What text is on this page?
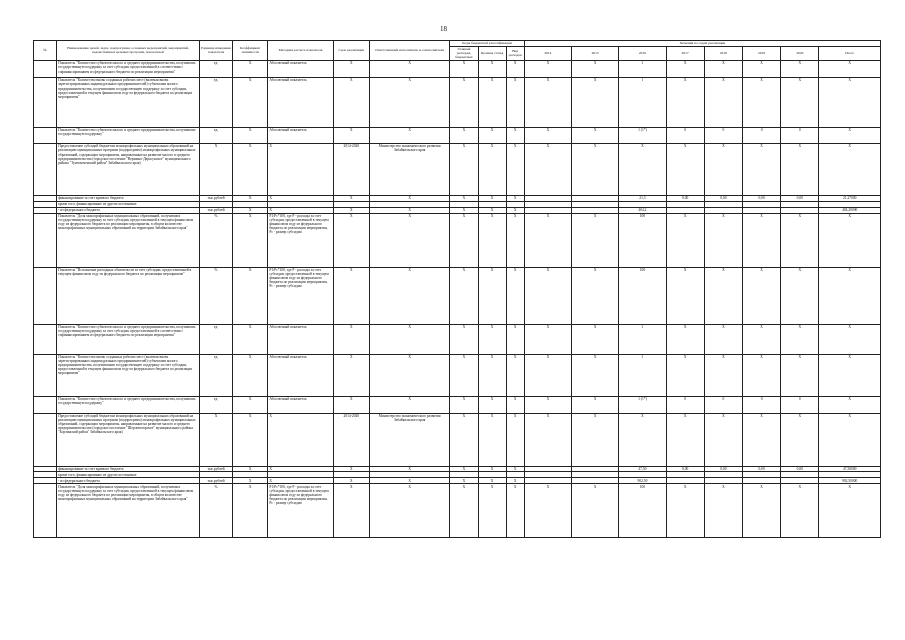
18
№	Наименование целей, задач, подпрограмм, основных мероприятий, мероприятий, ведомственных целевых программ, показателей	Единица измерения показателя	Коэффициент значимости	Методика расчета показателя	Срок реализации	Ответственный исполнитель и соисполнители	Коды бюджетной классификации			Значения по годам реализации							
							Главный распоряд. бюджетных	Целевая статья	Вид расходов	2014	2015	2016	2017	2018	2019	2020	Итого
	Показатель "Количество субъектов малого и среднего предпринимательства, получивших государственную поддержку за счет субсидии, предоставленной в соответствии с софинансированием из федерального бюджета по реализации мероприятия"	ед.	X	Абсолютный показатель	X	X	X	X	X	X	X	1	X	X	X	X	X
	Показатель "Количество вновь созданных рабочих мест (включая вновь зарегистрированных индивидуальных предпринимателей) субъектами малого предпринимательства, получившими государственную поддержку за счет субсидии, предоставленной в текущем финансовом году из федерального бюджета по реализации мероприятия"	ед.	X	Абсолютный показатель	X	X	X	X	X	X	X	1	X	X	X	X	X
	Показатель "Количество субъектов малого и среднего предпринимательства, получивших государственную поддержку"	ед.	X	Абсолютный показатель	X	X	X	X	X	X	X	1 (1*)	0	0	0	0	X
	Предоставление субсидий бюджетам монопрофильных муниципальных образований на реализацию муниципальных программ (подпрограмм) монопрофильных муниципальных образований, содержащих мероприятия, направленные на развитие малого и среднего предпринимательства (городское поселение "Вершино-Дарасунское" муниципального района "Тунгокоченский район" Забайкальского края)	X	X	X	2014-2020	Министерство экономического развития Забайкальского края	X	X	X	X	X	X	X	X	X	X	X
	финансирование за счет краевого бюджета	тыс.рублей	X	X	X	X	X	X	X			21,3	0,00	0,00	0,00	0,00	21,27000
	кроме того, финансирование из других источников:																
	- из федерального бюджета	тыс.рублей	X	X	X	X	X	X	X			404,2					404,20000
	Показатель "Доля монопрофильных муниципальных образований, получивших государственную поддержку за счет субсидии, предоставленной в текущем финансовом году из федерального бюджета по реализации мероприятия, в общем количестве монопрофильных муниципальных образований на территории Забайкальского края"	%	X	Р1/Рс*100, где Р - расходы за счет субсидии, предоставленной в текущем финансовом году из федерального бюджета по реализации мероприятия, Рс - размер субсидии	X	X	X	X	X	X	X	100	X	X	X	X	X
	Показатель "Исполнение расходных обязательств за счет субсидии, предоставленной в текущем финансовом году из федерального бюджета по реализации мероприятия"	%	X	Р1/Рс*100, где Р - расходы за счет субсидии, предоставленной в текущем финансовом году из федерального бюджета по реализации мероприятия, Рс - размер субсидии	X	X	X	X	X	X	X	100	X	X	X	X	X
	Показатель "Количество субъектов малого и среднего предпринимательства, получивших государственную поддержку за счет субсидии, предоставленной в соответствии с софинансированием из федерального бюджета по реализации мероприятия"	ед.	X	Абсолютный показатель	X	X	X	X	X	X	X	1	X	X	X	X	X
	Показатель "Количество вновь созданных рабочих мест (включая вновь зарегистрированных индивидуальных предпринимателей) субъектами малого предпринимательства, получившими государственную поддержку за счет субсидии, предоставленной в текущем финансовом году из федерального бюджета по реализации мероприятия"	ед.	X	Абсолютный показатель	X	X	X	X	X	X	X	1	X	X	X	X	X
	Показатель "Количество субъектов малого и среднего предпринимательства, получивших государственную поддержку"	ед.	X	Абсолютный показатель	X	X	X	X	X	X	X	1 (1*)	0	0	0	0	X
	Предоставление субсидий бюджетам монопрофильных муниципальных образований на реализацию муниципальных программ (подпрограмм) монопрофильных муниципальных образований, содержащих мероприятия, направленные на развитие малого и среднего предпринимательства (городское поселение "Шерловогорское" муниципального района "Борзинский район" Забайкальского края)	X	X	X	2014-2020	Министерство экономического развития Забайкальского края	X	X	X	X	X	X	X	X	X	X	X
	финансирование за счет краевого бюджета	тыс.рублей	X	X	X	X	X	X	X			47,50	0,00	0,00	0,00	0,00	47,50000
	кроме того, финансирование из других источников:																
	- из федерального бюджета	тыс.рублей	X	X	X	X	X	X	X			902,50					902,50000
	Показатель "Доля монопрофильных муниципальных образований, получивших государственную поддержку за счет субсидии, предоставленной в текущем финансовом году из федерального бюджета по реализации мероприятия, в общем количестве монопрофильных муниципальных образований на территории Забайкальского края"	%	X	Р1/Рс*100, где Р - расходы за счет субсидии, предоставленной в текущем финансовом году из федерального бюджета по реализации мероприятия, Рс - размер субсидии	X	X	X	X	X	X	X	100	X	X	X	X	X
